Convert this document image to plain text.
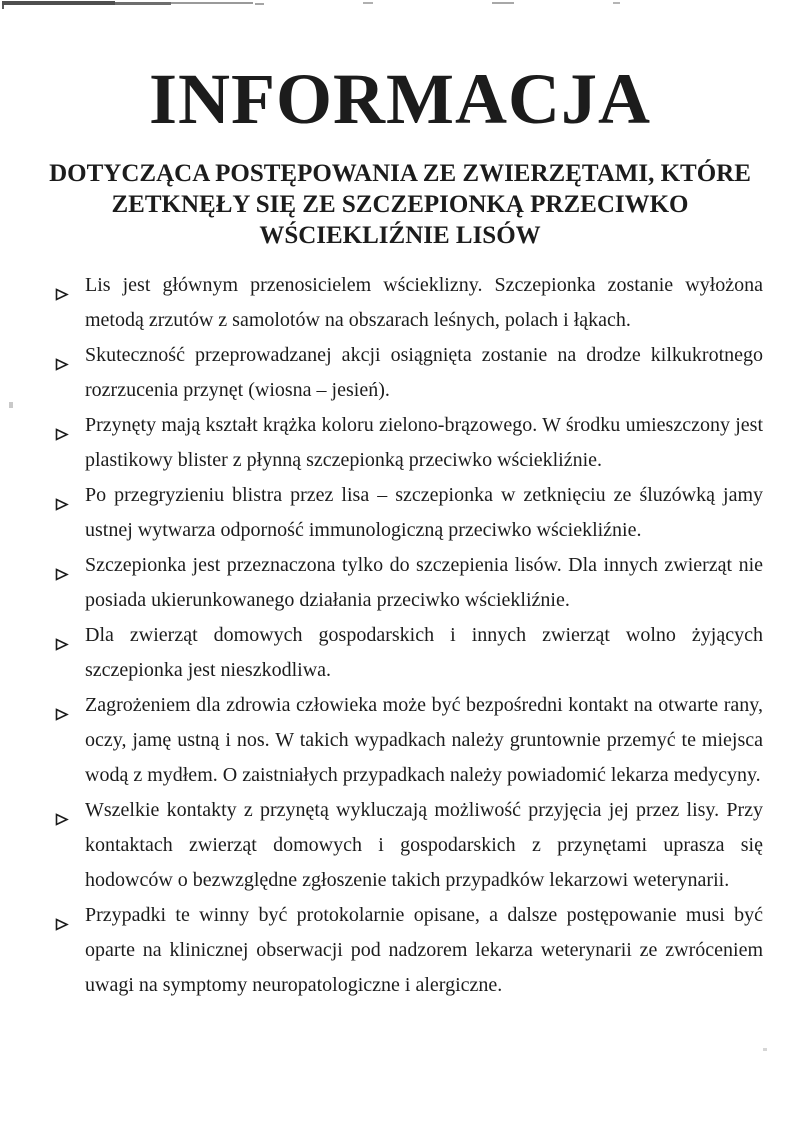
INFORMACJA
DOTYCZĄCA POSTĘPOWANIA ZE ZWIERZĘTAMI, KTÓRE
ZETKNĘŁY SIĘ ZE SZCZEPIONKĄ PRZECIWKO
WŚCIEKLIŹNIE LISÓW
Lis jest głównym przenosicielem wścieklizny. Szczepionka zostanie wyłożona metodą zrzutów z samolotów na obszarach leśnych, polach i łąkach.
Skuteczność przeprowadzanej akcji osiągnięta zostanie na drodze kilkukrotnego rozrzucenia przynęt (wiosna – jesień).
Przynęty mają kształt krążka koloru zielono-brązowego. W środku umieszczony jest plastikowy blister z płynną szczepionką przeciwko wściekliźnie.
Po przegryzieniu blistra przez lisa – szczepionka w zetknięciu ze śluzówką jamy ustnej wytwarza odporność immunologiczną przeciwko wściekliźnie.
Szczepionka jest przeznaczona tylko do szczepienia lisów. Dla innych zwierząt nie posiada ukierunkowanego działania przeciwko wściekliźnie.
Dla zwierząt domowych gospodarskich i innych zwierząt wolno żyjących szczepionka jest nieszkodliwa.
Zagrożeniem dla zdrowia człowieka może być bezpośredni kontakt na otwarte rany, oczy, jamę ustną i nos. W takich wypadkach należy gruntownie przemyć te miejsca wodą z mydłem. O zaistniałych przypadkach należy powiadomić lekarza medycyny.
Wszelkie kontakty z przynętą wykluczają możliwość przyjęcia jej przez lisy. Przy kontaktach zwierząt domowych i gospodarskich z przynętami uprasza się hodowców o bezwzględne zgłoszenie takich przypadków lekarzowi weterynarii.
Przypadki te winny być protokolarnie opisane, a dalsze postępowanie musi być oparte na klinicznej obserwacji pod nadzorem lekarza weterynarii ze zwróceniem uwagi na symptomy neuropatologiczne i alergiczne.
